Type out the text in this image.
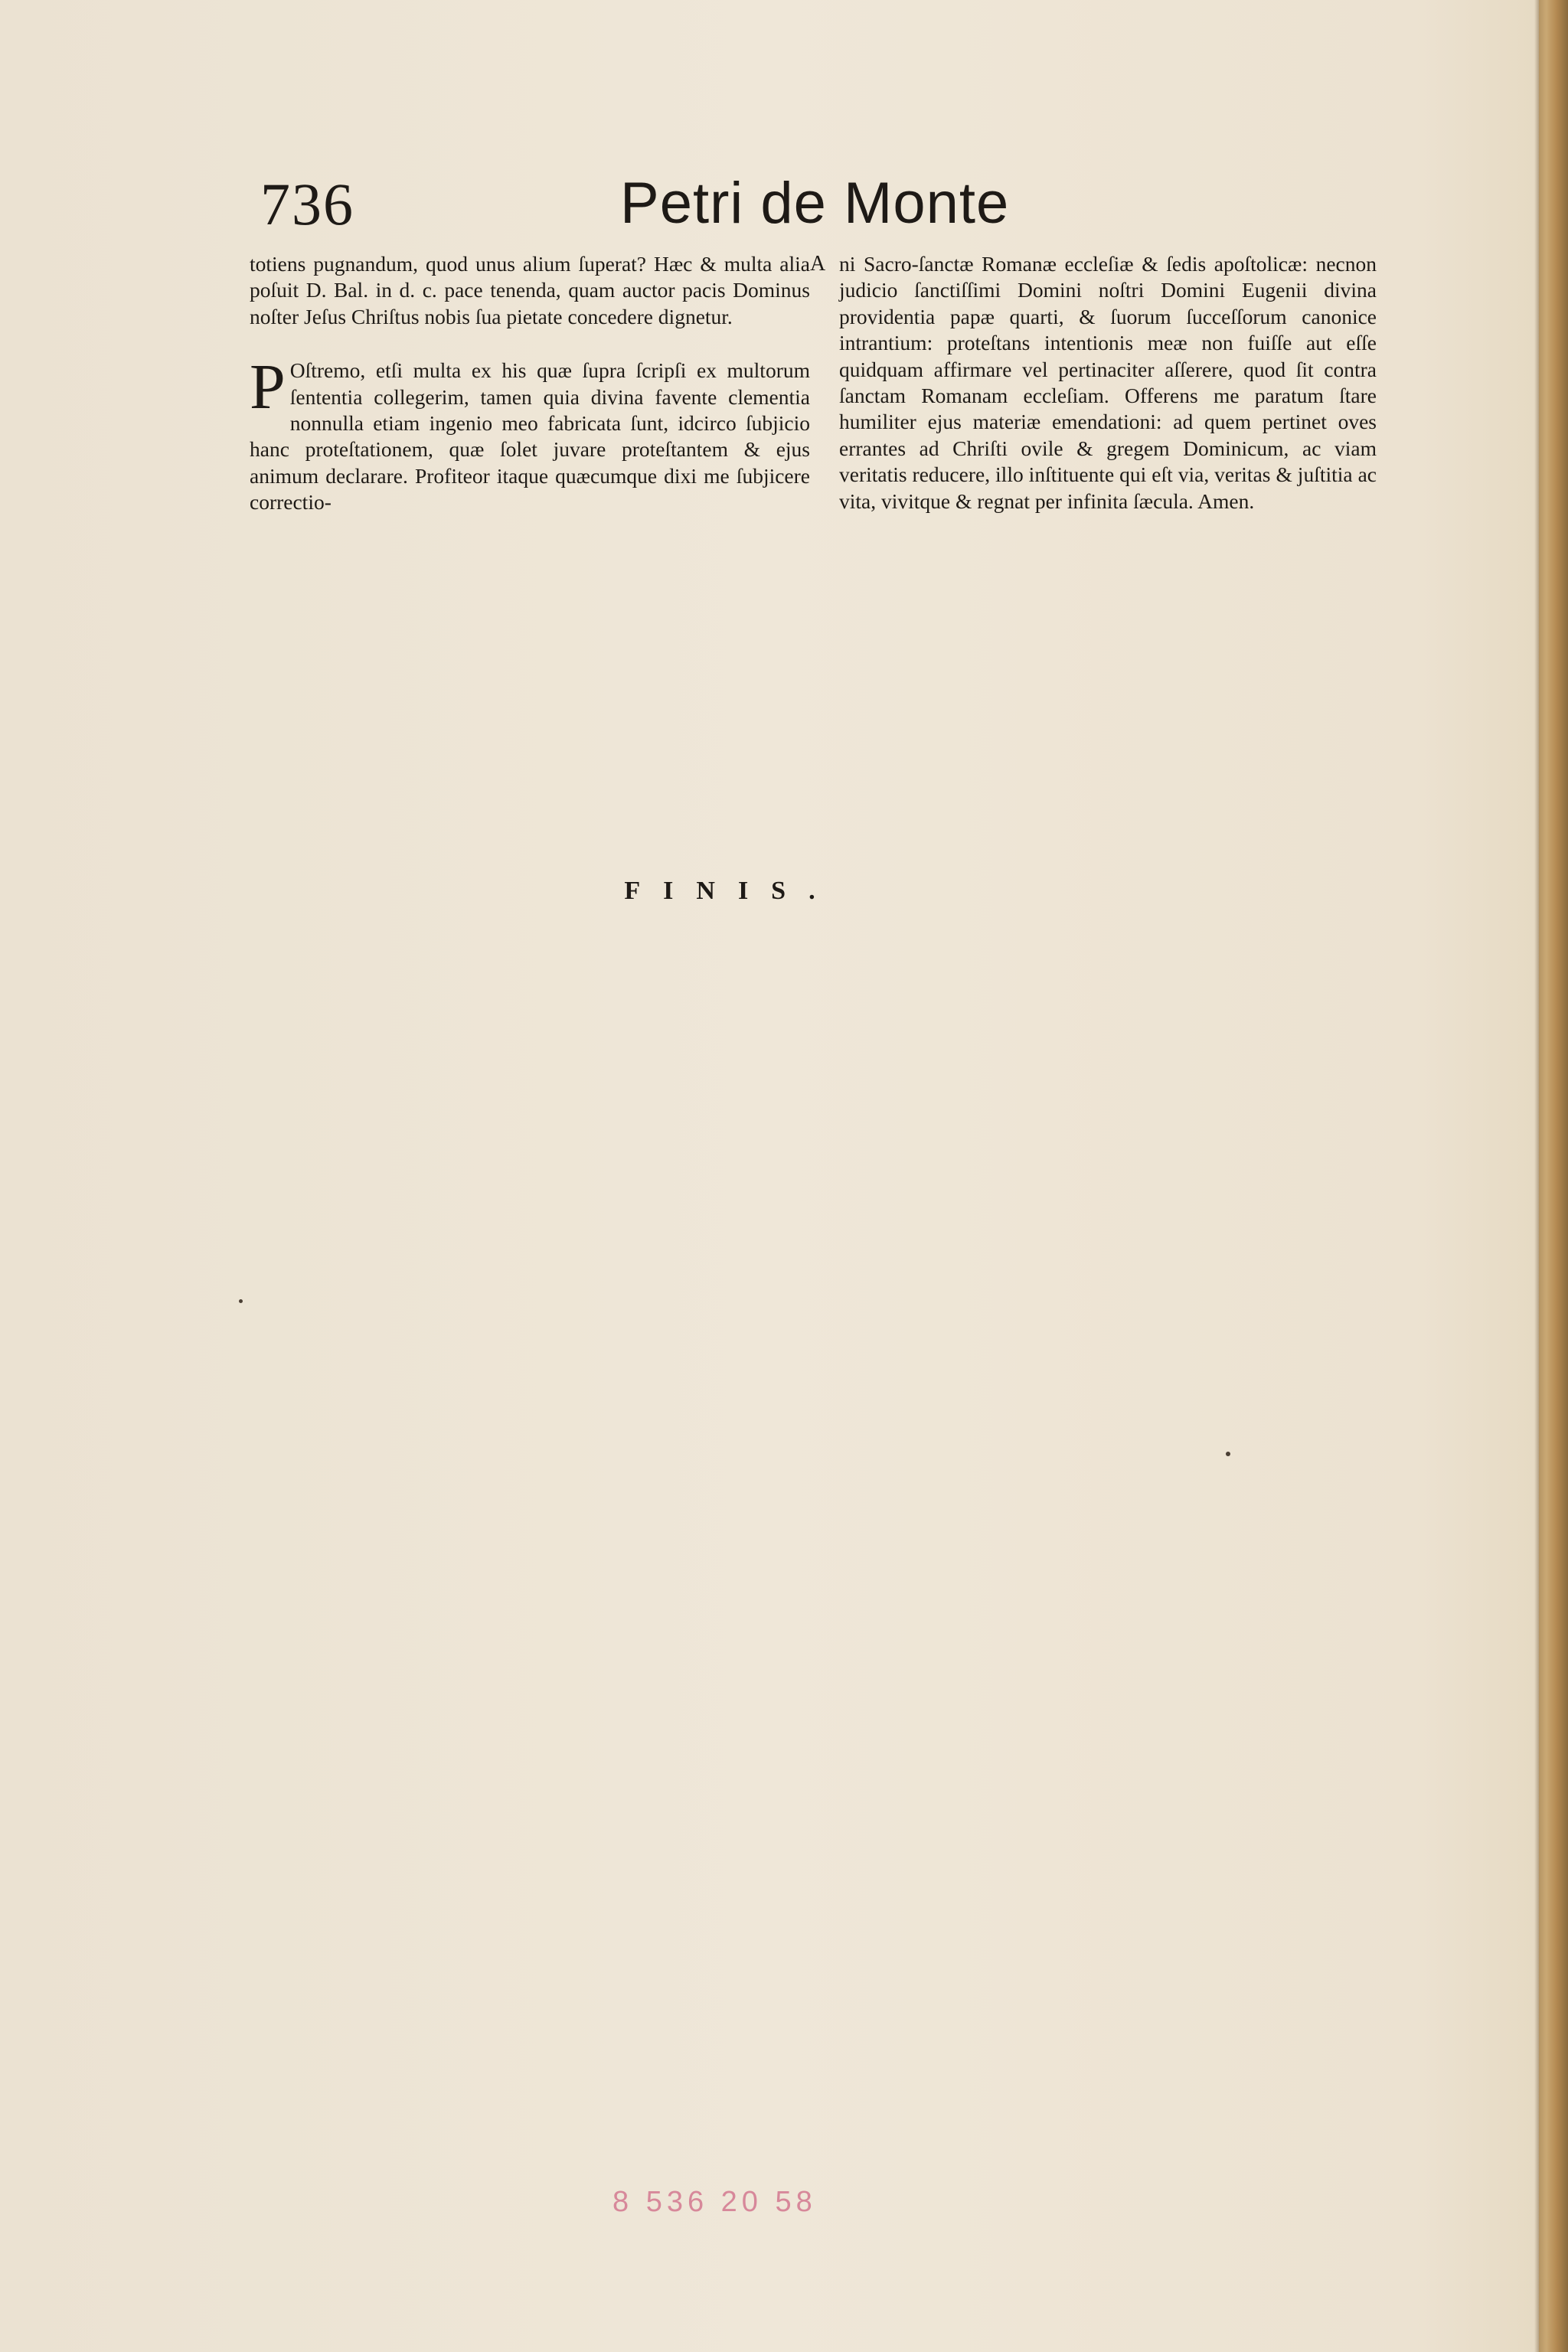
736	Petri de Monte

totiens pugnandum, quod unus alium ſuperat? Hæc & multa alia poſuit D. Bal. in d. c. pace tenenda, quam auctor pacis Dominus noſter Jeſus Chriſtus nobis ſua pietate concedere dignetur.

P Oſtremo, etſi multa ex his quæ ſupra ſcripſi ex multorum ſententia collegerim, tamen quia divina favente clementia nonnulla etiam ingenio meo fabricata ſunt, idcirco ſubjicio hanc proteſtationem, quæ ſolet juvare proteſtantem & ejus animum declarare. Profiteor itaque quæcumque dixi me ſubjicere correctio-

A ni Sacro-ſanctæ Romanæ eccleſiæ & ſedis apoſtolicæ: necnon judicio ſanctiſſimi Domini noſtri Domini Eugenii divina providentia papæ quarti, & ſuorum ſucceſſorum canonice intrantium: proteſtans intentionis meæ non fuiſſe aut eſſe quidquam affirmare vel pertinaciter aſſerere, quod ſit contra ſanctam Romanam eccleſiam. Offerens me paratum ſtare humiliter ejus materiæ emendationi: ad quem pertinet oves errantes ad Chriſti ovile & gregem Dominicum, ac viam veritatis reducere, illo inſtituente qui eſt via, veritas & juſtitia ac vita, vivitque & regnat per infinita ſæcula. Amen.

FINIS.
8 536 20 58
